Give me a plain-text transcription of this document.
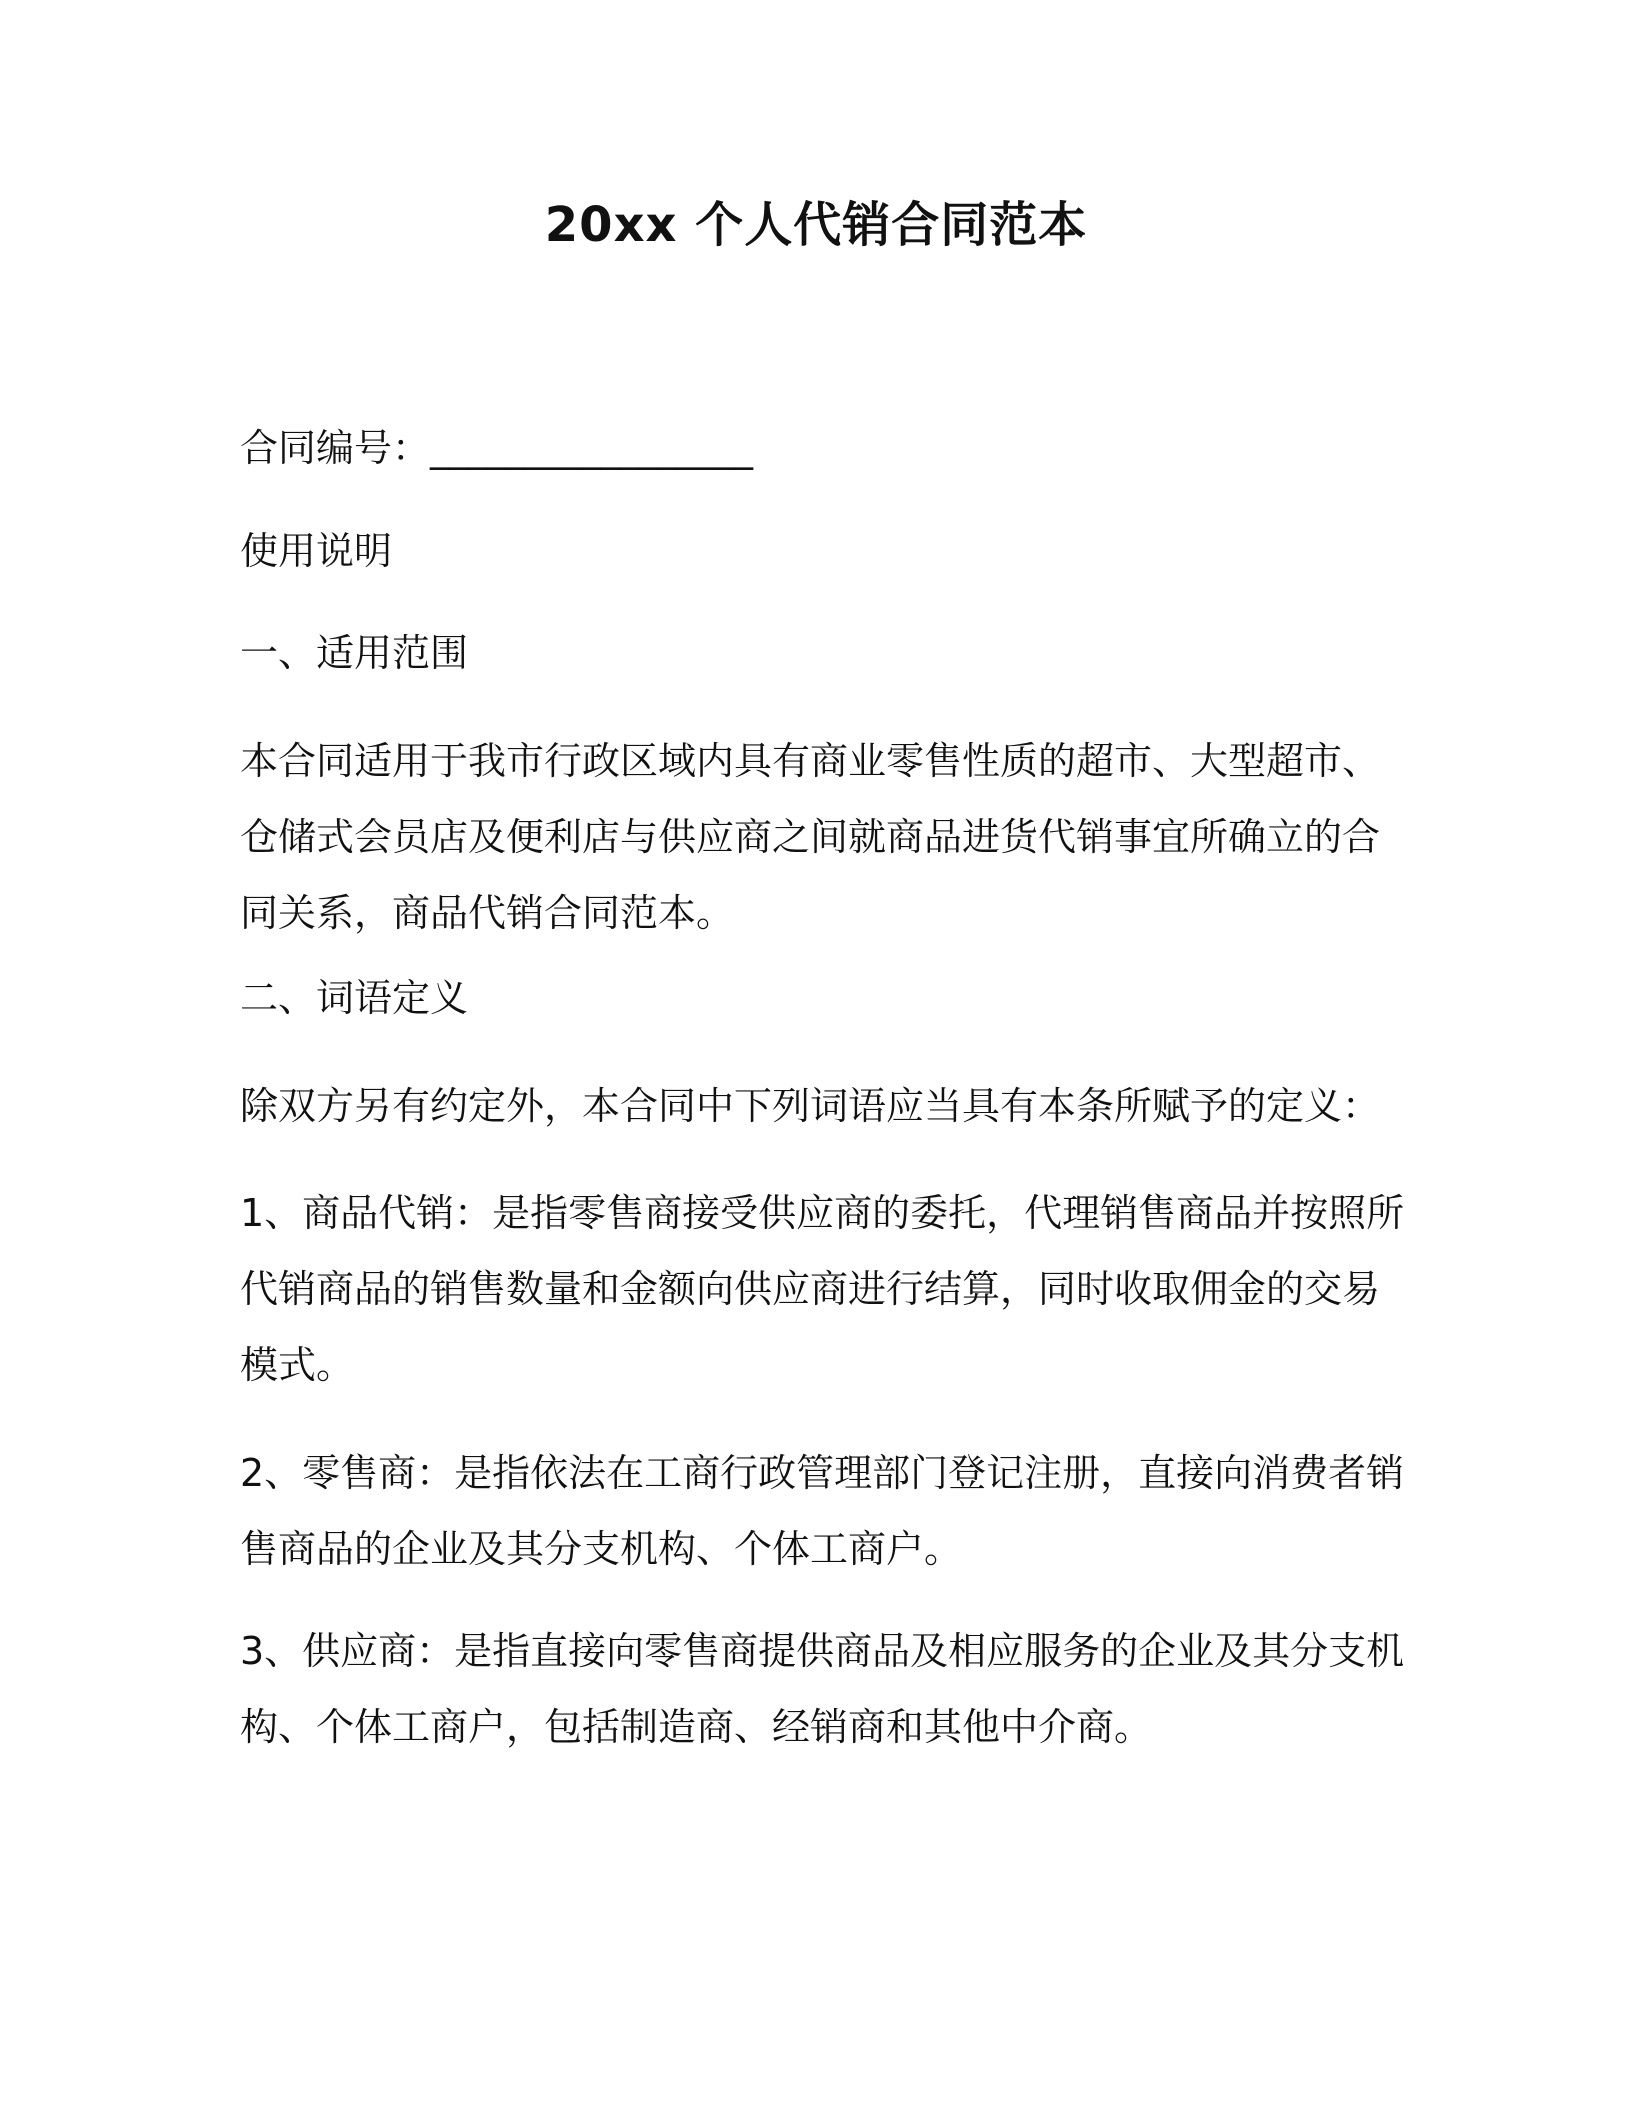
20xx 个人代销合同范本
合同编号：_________________
使用说明
一、适用范围
本合同适用于我市行政区域内具有商业零售性质的超市、大型超市、
仓储式会员店及便利店与供应商之间就商品进货代销事宜所确立的合
同关系，商品代销合同范本。
二、词语定义
除双方另有约定外，本合同中下列词语应当具有本条所赋予的定义：
1、商品代销：是指零售商接受供应商的委托，代理销售商品并按照所
代销商品的销售数量和金额向供应商进行结算，同时收取佣金的交易
模式。
2、零售商：是指依法在工商行政管理部门登记注册，直接向消费者销
售商品的企业及其分支机构、个体工商户。
3、供应商：是指直接向零售商提供商品及相应服务的企业及其分支机
构、个体工商户，包括制造商、经销商和其他中介商。
